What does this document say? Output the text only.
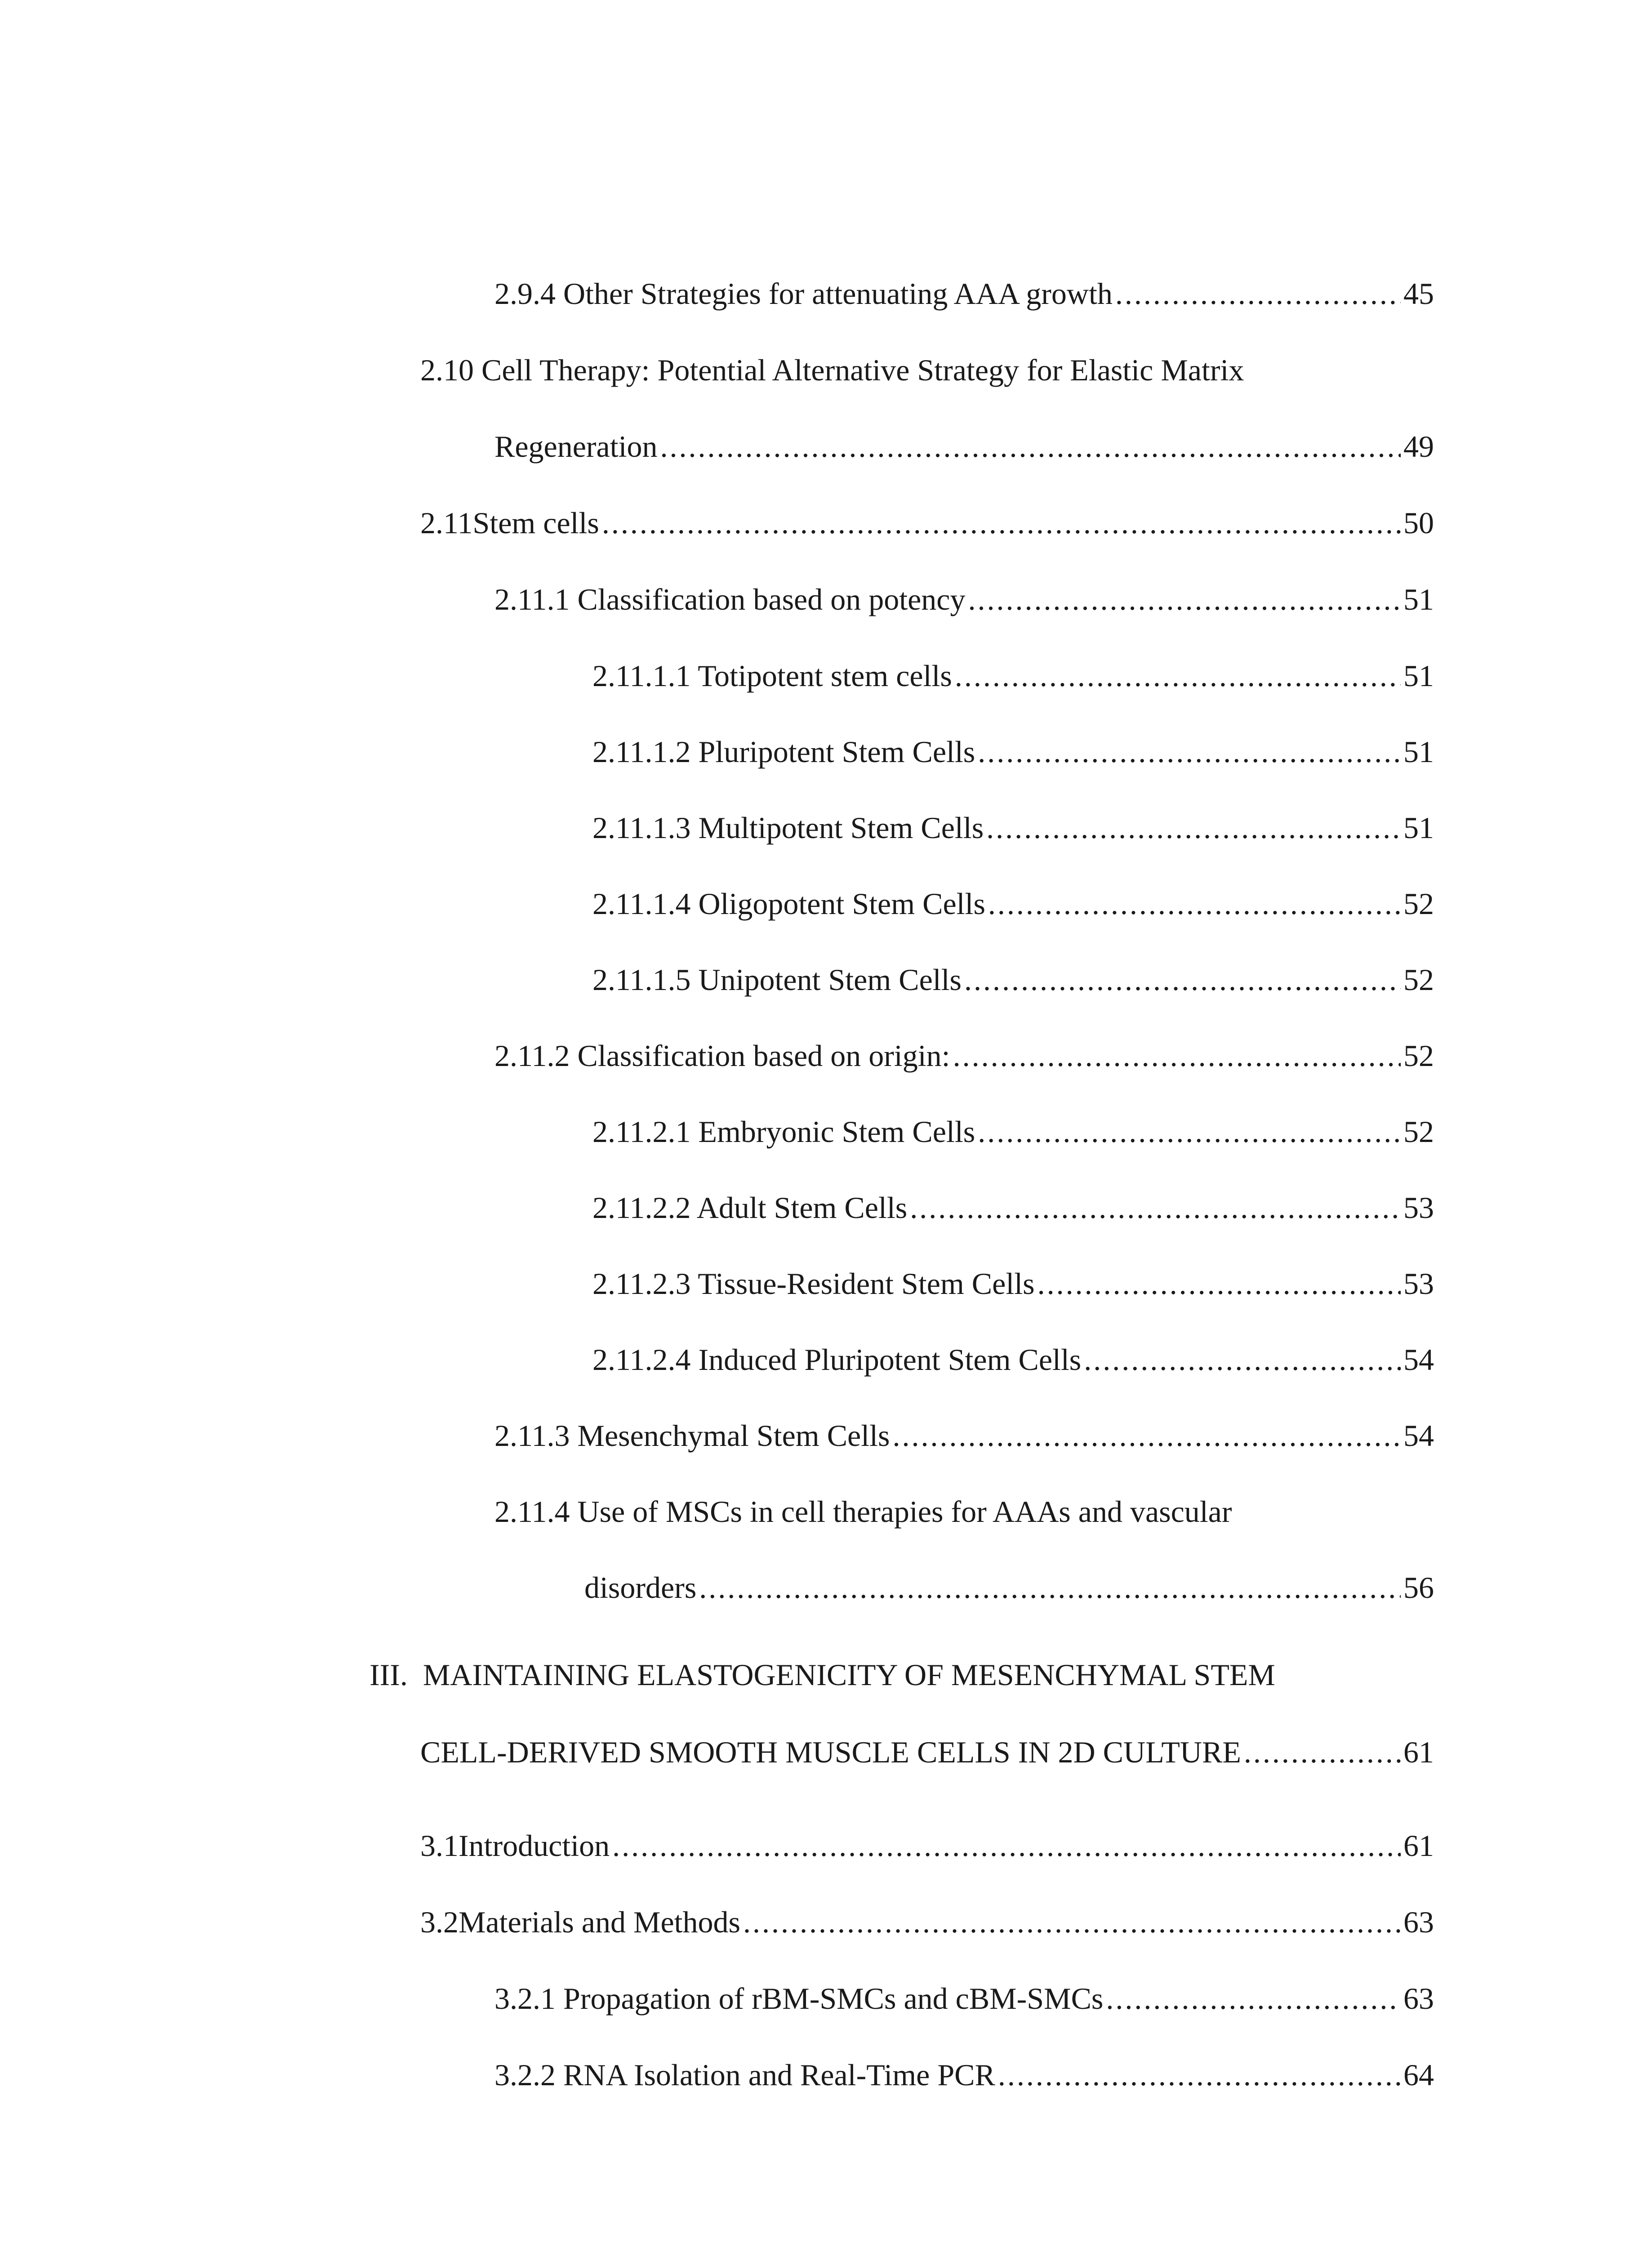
2.9.4 Other Strategies for attenuating AAA growth .....	45
2.10 Cell Therapy: Potential Alternative Strategy for Elastic Matrix
Regeneration .....	49
2.11 Stem cells .....	50
2.11.1 Classification based on potency .....	51
2.11.1.1 Totipotent stem cells .....	51
2.11.1.2 Pluripotent Stem Cells .....	51
2.11.1.3 Multipotent Stem Cells .....	51
2.11.1.4 Oligopotent Stem Cells .....	52
2.11.1.5 Unipotent Stem Cells .....	52
2.11.2 Classification based on origin: .....	52
2.11.2.1 Embryonic Stem Cells .....	52
2.11.2.2 Adult Stem Cells .....	53
2.11.2.3 Tissue-Resident Stem Cells .....	53
2.11.2.4 Induced Pluripotent Stem Cells .....	54
2.11.3 Mesenchymal Stem Cells .....	54
2.11.4 Use of MSCs in cell therapies for AAAs and vascular
disorders .....	56
III.  MAINTAINING ELASTOGENICITY OF MESENCHYMAL STEM
CELL-DERIVED SMOOTH MUSCLE CELLS IN 2D CULTURE .....	61
3.1 Introduction .....	61
3.2 Materials and Methods .....	63
3.2.1 Propagation of rBM-SMCs and cBM-SMCs .....	63
3.2.2 RNA Isolation and Real-Time PCR .....	64
